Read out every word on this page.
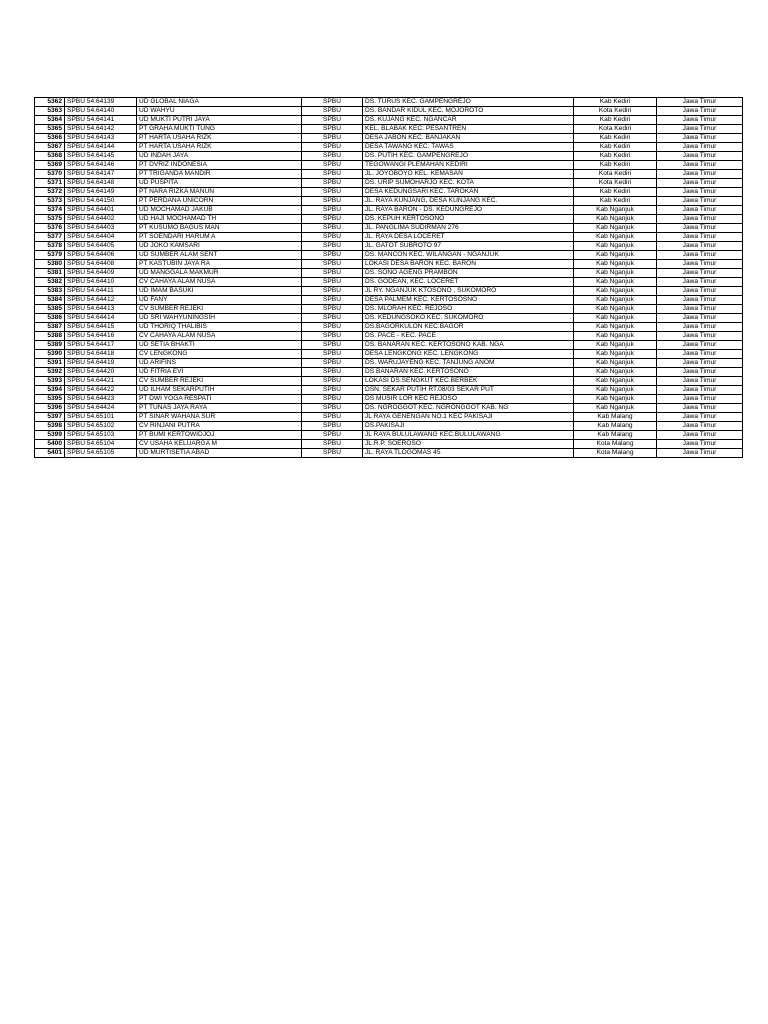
5362	SPBU 54.64139	UD GLOBAL NIAGA	SPBU	DS. TURUS KEC. GAMPENGREJO	Kab Kediri	Jawa Timur
5363	SPBU 54.64140	UD WAHYU	SPBU	DS. BANDAR KIDUL KEC. MOJOROTO	Kota Kediri	Jawa Timur
5364	SPBU 54.64141	UD MUKTI PUTRI JAYA	SPBU	DS. KUJANG KEC. NGANCAR	Kab Kediri	Jawa Timur
5365	SPBU 54.64142	PT GRAHA MUKTI TUNG	SPBU	KEL. BLABAK KEC. PESANTREN	Kota Kediri	Jawa Timur
5366	SPBU 54.64143	PT HARTA USAHA RIZK	SPBU	DESA JABON KEC. BANJAKAN	Kab Kediri	Jawa Timur
5367	SPBU 54.64144	PT HARTA USAHA RIZK	SPBU	DESA TAWANG KEC. TAWAS	Kab Kediri	Jawa Timur
5368	SPBU 54.64145	UD INDAH JAYA	SPBU	DS. PUTIH KEC. GAMPENGREJO	Kab Kediri	Jawa Timur
5369	SPBU 54.64146	PT DVRIZ INDONESIA	SPBU	TEGOWANGI PLEMAHAN KEDIRI	Kab Kediri	Jawa Timur
5370	SPBU 54.64147	PT TRIGANDA MANDIR	SPBU	JL. JOYOBOYO KEL. KEMASAN	Kota Kediri	Jawa Timur
5371	SPBU 54.64148	UD PUSPITA	SPBU	DS. URIP SUMOHARJO KEC. KOTA	Kota Kediri	Jawa Timur
5372	SPBU 54.64149	PT NARA RIZKA MANUN	SPBU	DESA KEDUNGSARI KEC. TAROKAN	Kab Kediri	Jawa Timur
5373	SPBU 54.64150	PT PERDANA UNICORN	SPBU	JL. RAYA KUNJANG, DESA KUNJANG KEC.	Kab Kediri	Jawa Timur
5374	SPBU 54.64401	UD MOCHAMAD JAKUB	SPBU	JL. RAYA BARON - DS. KEDUNGREJO	Kab Nganjuk	Jawa Timur
5375	SPBU 54.64402	UD HAJI MOCHAMAD TH	SPBU	DS. KEPUH KERTOSONO	Kab Nganjuk	Jawa Timur
5376	SPBU 54.64403	PT KUSUMO BAGUS MAN	SPBU	JL. PANGLIMA SUDIRMAN 276	Kab Nganjuk	Jawa Timur
5377	SPBU 54.64404	PT SOENDARI HARUM A	SPBU	JL. RAYA DESA LOCERET	Kab Nganjuk	Jawa Timur
5378	SPBU 54.64405	UD JOKO KAMSARI	SPBU	JL. GATOT SUBROTO 97	Kab Nganjuk	Jawa Timur
5379	SPBU 54.64406	UD SUMBER ALAM SENT	SPBU	DS. MANCON KEC. WILANGAN - NGANJUK	Kab Nganjuk	Jawa Timur
5380	SPBU 54.64408	PT KASTUBIN JAYA RA	SPBU	LOKASI DESA BARON KEC. BARON	Kab Nganjuk	Jawa Timur
5381	SPBU 54.64409	UD MANGGALA MAKMUR	SPBU	DS. SONO AGENG PRAMBON	Kab Nganjuk	Jawa Timur
5382	SPBU 54.64410	CV CAHAYA ALAM NUSA	SPBU	DS. GODEAN, KEC. LOCERET	Kab Nganjuk	Jawa Timur
5383	SPBU 54.64411	UD IMAM BASUKI	SPBU	JL RY. NGANJUK KTOSONO , SUKOMORO	Kab Nganjuk	Jawa Timur
5384	SPBU 54.64412	UD FANY	SPBU	DESA PALMEM KEC. KERTOSOSNO	Kab Nganjuk	Jawa Timur
5385	SPBU 54.64413	CV SUMBER REJEKI	SPBU	DS. MLORAH KEC. REJOSO	Kab Nganjuk	Jawa Timur
5386	SPBU 54.64414	UD SRI WAHYUNINGSIH	SPBU	DS. KEDUNGSOKO KEC. SUKOMORO	Kab Nganjuk	Jawa Timur
5387	SPBU 54.64415	UD THORIQ THALIBIS	SPBU	DS.BAGORKULON KEC.BAGOR	Kab Nganjuk	Jawa Timur
5388	SPBU 54.64416	CV CAHAYA ALAM NUSA	SPBU	DS. PACE - KEC. PACE	Kab Nganjuk	Jawa Timur
5389	SPBU 54.64417	UD SETIA BHAKTI	SPBU	DS. BANARAN KEC. KERTOSONO KAB. NGA	Kab Nganjuk	Jawa Timur
5390	SPBU 54.64418	CV LENGKONG	SPBU	DESA LENGKONG KEC. LENGKONG	Kab Nganjuk	Jawa Timur
5391	SPBU 54.64419	UD ARIFINS	SPBU	DS. WARUJAYENG KEC. TANJUNG ANOM	Kab Nganjuk	Jawa Timur
5392	SPBU 54.64420	UD FITRIA EVI	SPBU	DS BANARAN KEC. KERTOSONO	Kab Nganjuk	Jawa Timur
5393	SPBU 54.64421	CV SUMBER REJEKI	SPBU	LOKASI DS.SENGKUT KEC.BERBEK	Kab Nganjuk	Jawa Timur
5394	SPBU 54.64422	UD ILHAM SEKARPUTIH	SPBU	DSN. SEKAR PUTIH RT.08/03 SEKAR PUT	Kab Nganjuk	Jawa Timur
5395	SPBU 54.64423	PT DWI YOGA RESPATI	SPBU	DS MUSIR LOR KEC REJOSO	Kab Nganjuk	Jawa Timur
5396	SPBU 54.64424	PT TUNAS JAYA RAYA	SPBU	DS. NGROGGOT KEC. NGRONGGOT KAB. NG	Kab Nganjuk	Jawa Timur
5397	SPBU 54.65101	PT SINAR WAHANA SUR	SPBU	JL RAYA GENENGAN NO.1 KEC PAKISAJI	Kab Malang	Jawa Timur
5398	SPBU 54.65102	CV RINJANI PUTRA	SPBU	DS.PAKISAJI	Kab Malang	Jawa Timur
5399	SPBU 54.65103	PT BUMI KERTOWIDJOJ	SPBU	JL RAYA BULULAWANG KEC.BULULAWANG	Kab Malang	Jawa Timur
5400	SPBU 54.65104	CV USAHA KELUARGA M	SPBU	JL.R.P. SOEROSO	Kota Malang	Jawa Timur
5401	SPBU 54.65105	UD MURTISETIA ABAD	SPBU	JL. RAYA TLOGOMAS 45	Kota Malang	Jawa Timur
